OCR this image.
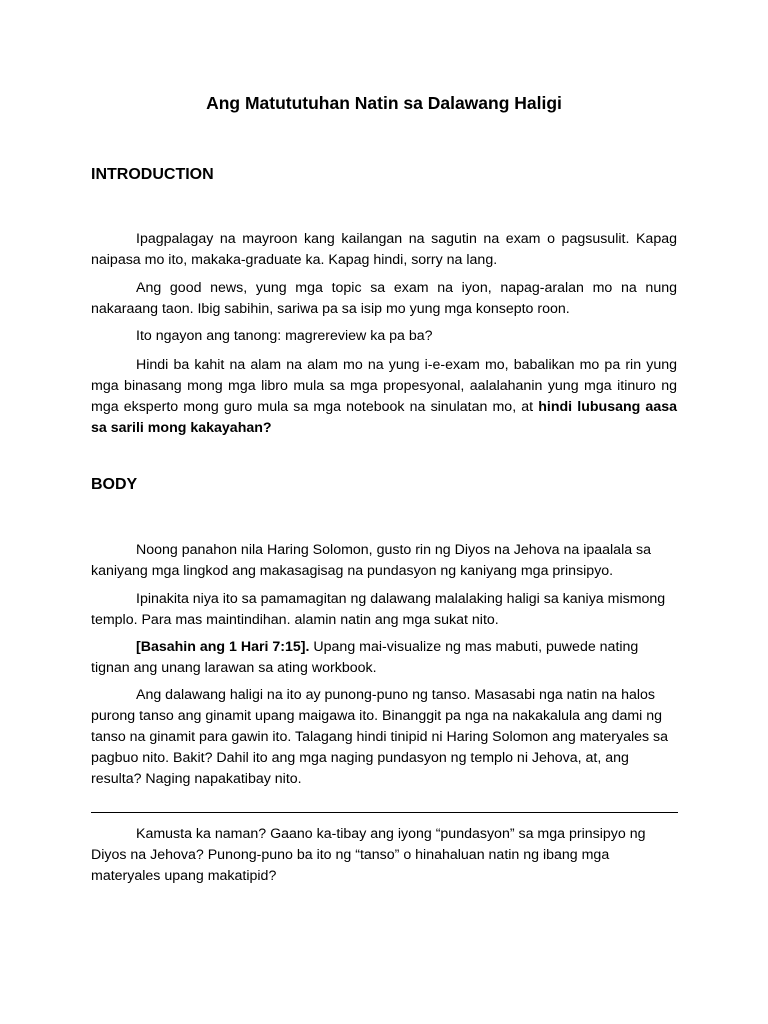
Ang Matututuhan Natin sa Dalawang Haligi
INTRODUCTION

Ipagpalagay na mayroon kang kailangan na sagutin na exam o pagsusulit. Kapag naipasa mo ito, makaka-graduate ka. Kapag hindi, sorry na lang.

Ang good news, yung mga topic sa exam na iyon, napag-aralan mo na nung nakaraang taon. Ibig sabihin, sariwa pa sa isip mo yung mga konsepto roon.

Ito ngayon ang tanong: magrereview ka pa ba?

Hindi ba kahit na alam na alam mo na yung i-e-exam mo, babalikan mo pa rin yung mga binasang mong mga libro mula sa mga propesyonal, aalalahanin yung mga itinuro ng mga eksperto mong guro mula sa mga notebook na sinulatan mo, at hindi lubusang aasa sa sarili mong kakayahan?

BODY

Noong panahon nila Haring Solomon, gusto rin ng Diyos na Jehova na ipaalala sa kaniyang mga lingkod ang makasagisag na pundasyon ng kaniyang mga prinsipyo.

Ipinakita niya ito sa pamamagitan ng dalawang malalaking haligi sa kaniya mismong templo. Para mas maintindihan. alamin natin ang mga sukat nito.

[Basahin ang 1 Hari 7:15]. Upang mai-visualize ng mas mabuti, puwede nating tignan ang unang larawan sa ating workbook.

Ang dalawang haligi na ito ay punong-puno ng tanso. Masasabi nga natin na halos purong tanso ang ginamit upang maigawa ito. Binanggit pa nga na nakakalula ang dami ng tanso na ginamit para gawin ito. Talagang hindi tinipid ni Haring Solomon ang materyales sa pagbuo nito. Bakit? Dahil ito ang mga naging pundasyon ng templo ni Jehova, at, ang resulta? Naging napakatibay nito.

Kamusta ka naman? Gaano ka-tibay ang iyong “pundasyon” sa mga prinsipyo ng Diyos na Jehova? Punong-puno ba ito ng “tanso” o hinahaluan natin ng ibang mga materyales upang makatipid?
